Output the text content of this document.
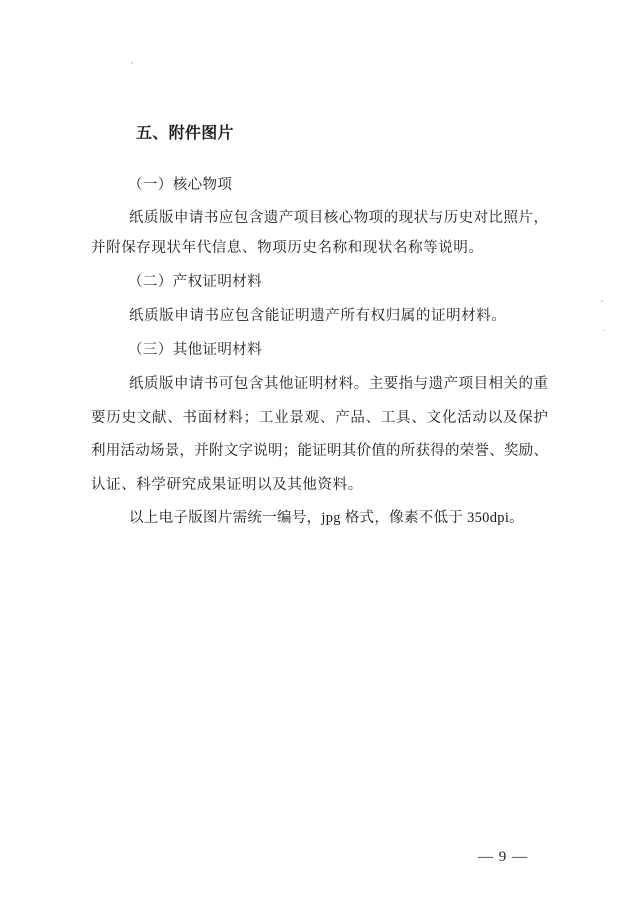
五、附件图片
（一）核心物项
纸质版申请书应包含遗产项目核心物项的现状与历史对比照片，
并附保存现状年代信息、物项历史名称和现状名称等说明。
（二）产权证明材料
纸质版申请书应包含能证明遗产所有权归属的证明材料。
（三）其他证明材料
纸质版申请书可包含其他证明材料。主要指与遗产项目相关的重
要历史文献、书面材料；工业景观、产品、工具、文化活动以及保护
利用活动场景，并附文字说明；能证明其价值的所获得的荣誉、奖励、
认证、科学研究成果证明以及其他资料。
以上电子版图片需统一编号，jpg 格式，像素不低于 350dpi。
— 9 —
